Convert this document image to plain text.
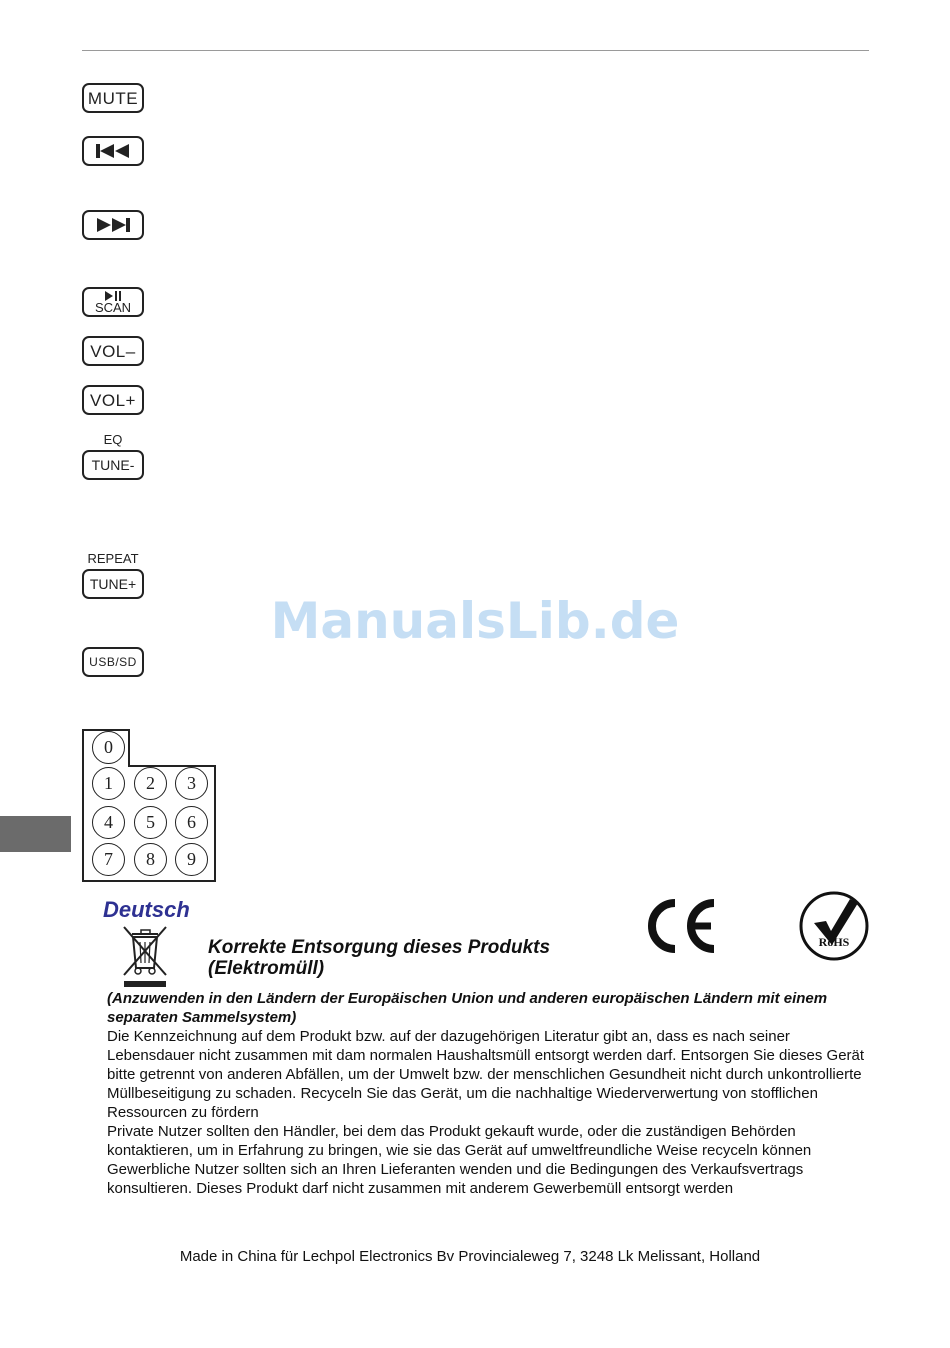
MUTE
SCAN
VOL–
VOL+
EQ
TUNE-
REPEAT
TUNE+
USB/SD
0
1	2	3
4	5	6
7	8	9
ManualsLib.de
Deutsch
Korrekte Entsorgung dieses Produkts
(Elektromüll)
RoHS

(Anzuwenden in den Ländern der Europäischen Union und anderen europäischen Ländern mit einem separaten Sammelsystem)

Die Kennzeichnung auf dem Produkt bzw. auf der dazugehörigen Literatur gibt an, dass es nach seiner Lebensdauer nicht zusammen mit dam normalen Haushaltsmüll entsorgt werden darf. Entsorgen Sie dieses Gerät bitte getrennt von anderen Abfällen, um der Umwelt bzw. der menschlichen Gesundheit nicht durch unkontrollierte Müllbeseitigung zu schaden. Recyceln Sie das Gerät, um die nachhaltige Wiederverwertung von stofflichen Ressourcen zu fördern

Private Nutzer sollten den Händler, bei dem das Produkt gekauft wurde, oder die zuständigen Behörden kontaktieren, um in Erfahrung zu bringen, wie sie das Gerät auf umweltfreundliche Weise recyceln können

Gewerbliche Nutzer sollten sich an Ihren Lieferanten wenden und die Bedingungen des Verkaufsvertrags konsultieren. Dieses Produkt darf nicht zusammen mit anderem Gewerbemüll entsorgt werden

Made in China für Lechpol Electronics Bv Provincialeweg 7, 3248 Lk Melissant, Holland
